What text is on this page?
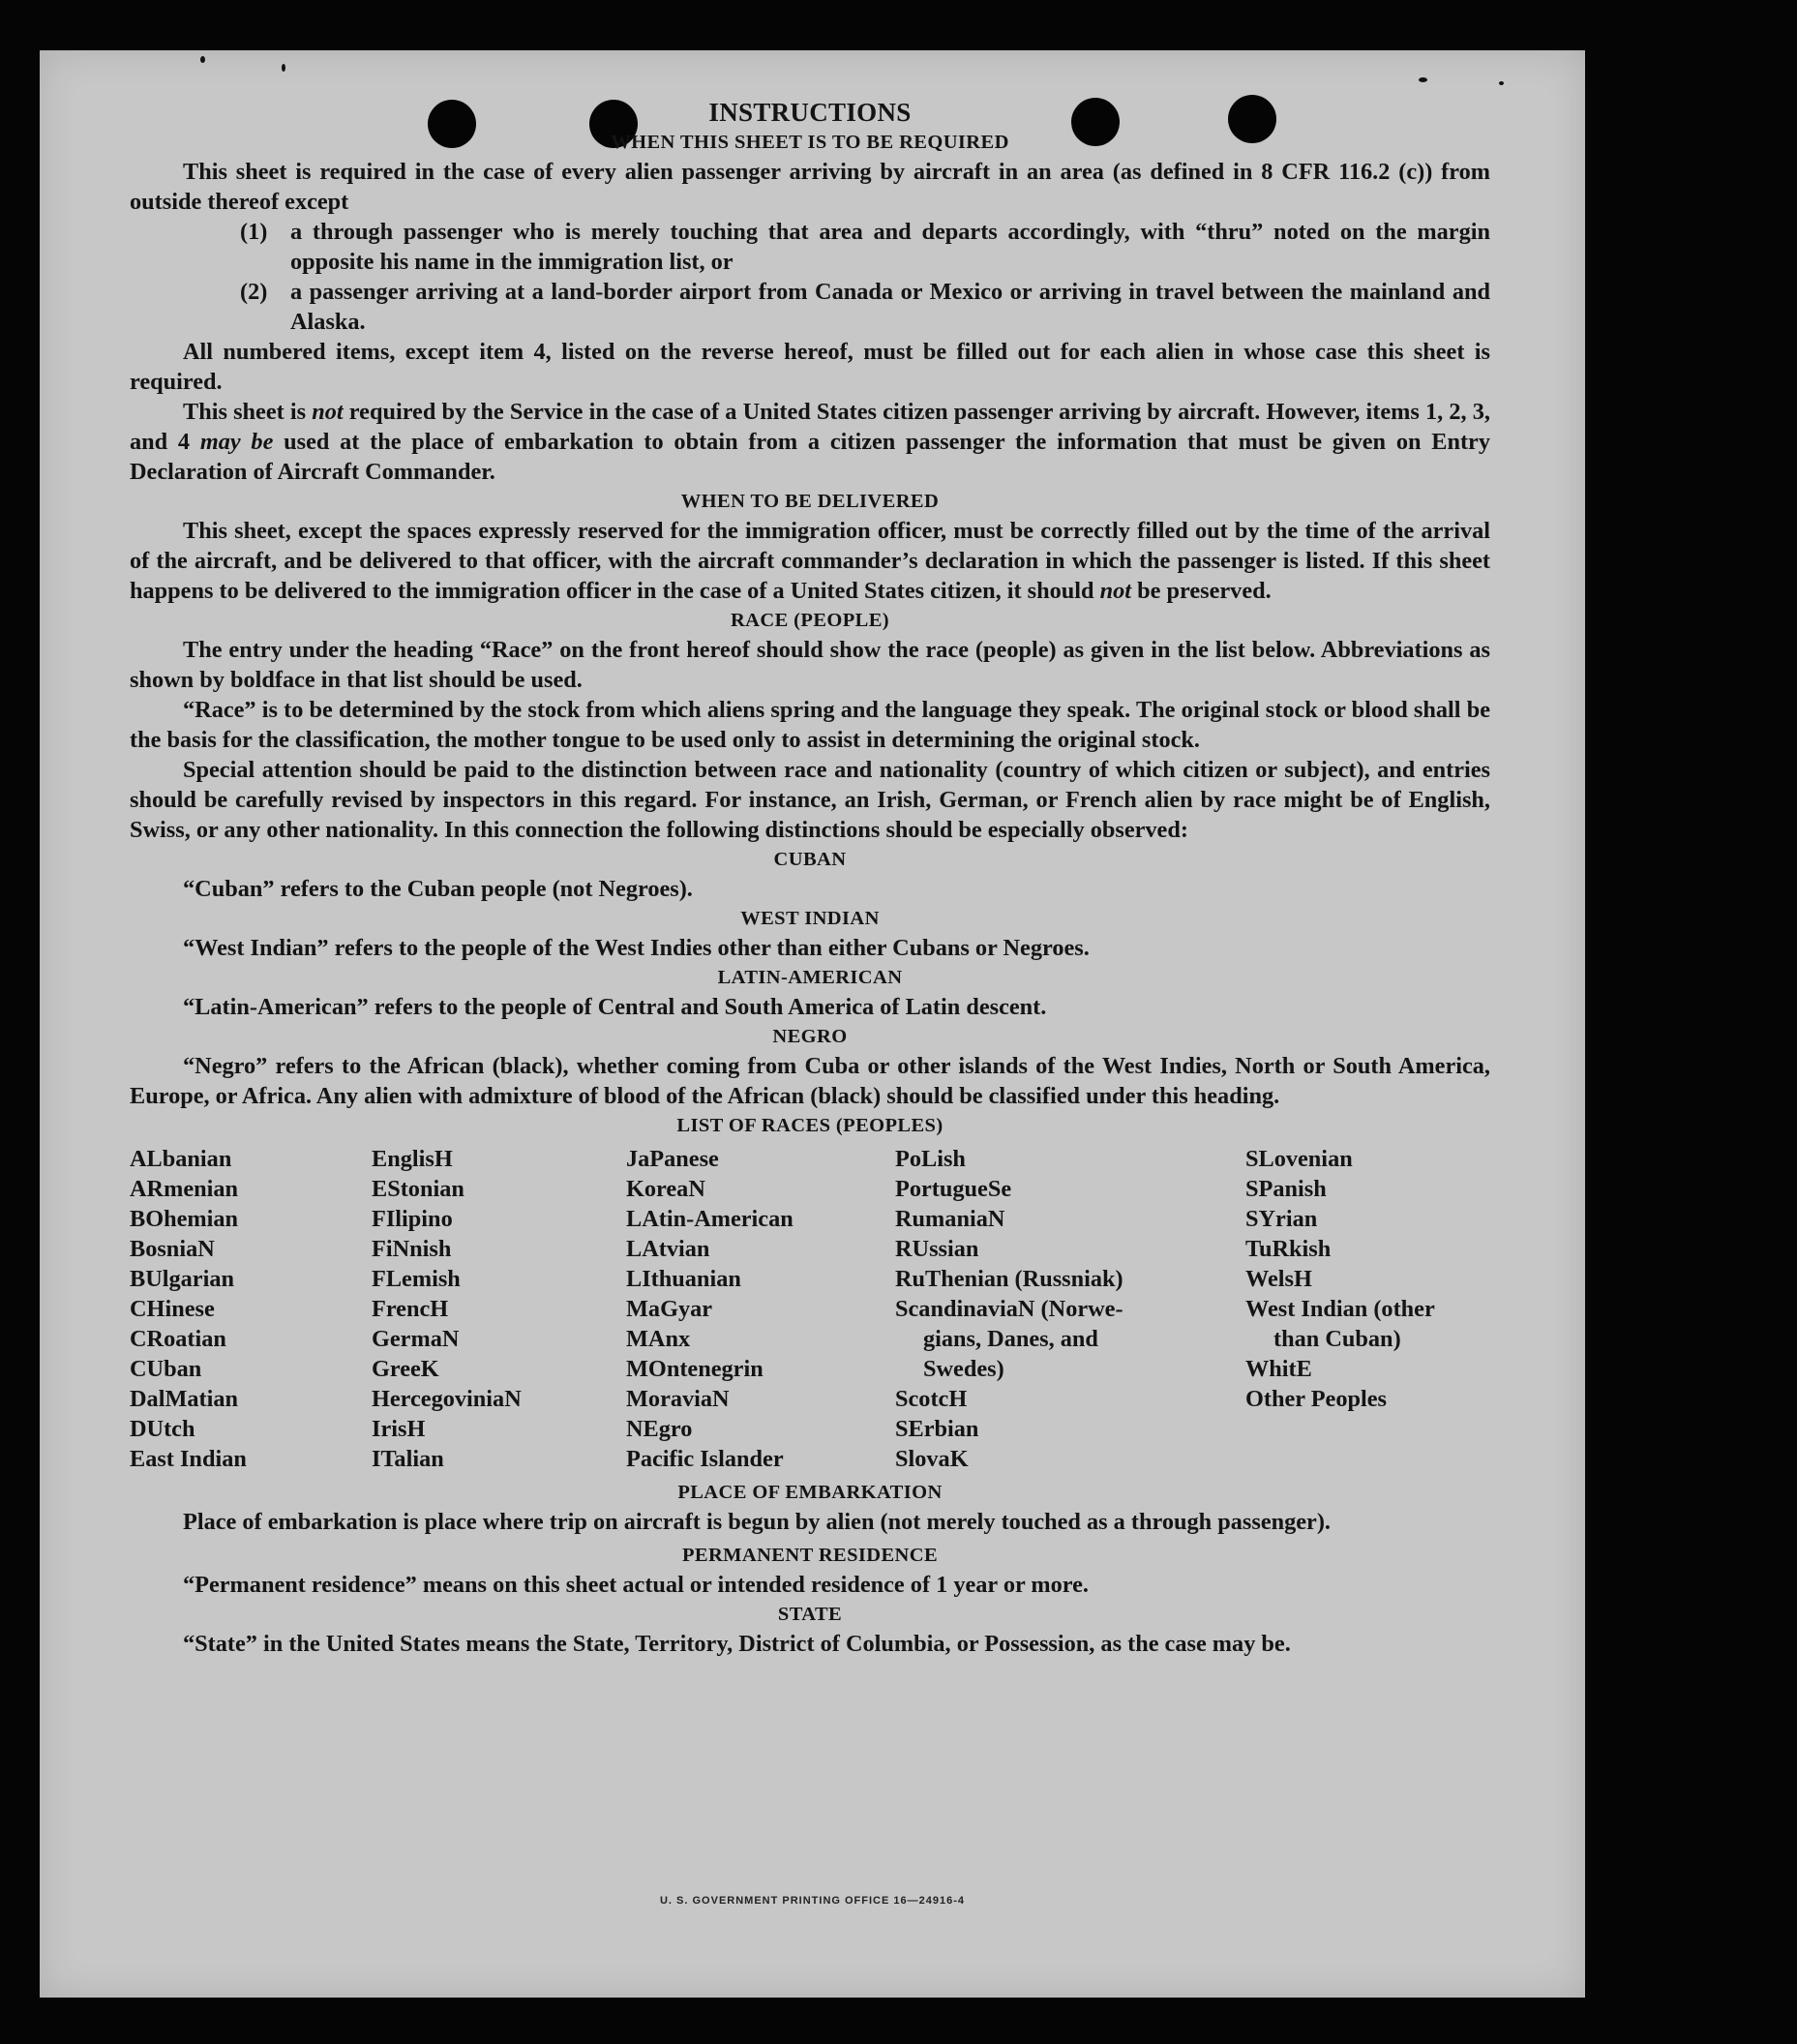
INSTRUCTIONS
WHEN THIS SHEET IS TO BE REQUIRED

This sheet is required in the case of every alien passenger arriving by aircraft in an area (as defined in 8 CFR 116.2 (c)) from outside thereof except

(1) a through passenger who is merely touching that area and departs accordingly, with “thru” noted on the margin opposite his name in the immigration list, or
(2) a passenger arriving at a land-border airport from Canada or Mexico or arriving in travel between the mainland and Alaska.

All numbered items, except item 4, listed on the reverse hereof, must be filled out for each alien in whose case this sheet is required.

This sheet is not required by the Service in the case of a United States citizen passenger arriving by aircraft. However, items 1, 2, 3, and 4 may be used at the place of embarkation to obtain from a citizen passenger the information that must be given on Entry Declaration of Aircraft Commander.

WHEN TO BE DELIVERED

This sheet, except the spaces expressly reserved for the immigration officer, must be correctly filled out by the time of the arrival of the aircraft, and be delivered to that officer, with the aircraft commander’s declaration in which the passenger is listed. If this sheet happens to be delivered to the immigration officer in the case of a United States citizen, it should not be preserved.

RACE (PEOPLE)

The entry under the heading “Race” on the front hereof should show the race (people) as given in the list below. Abbreviations as shown by boldface in that list should be used.

“Race” is to be determined by the stock from which aliens spring and the language they speak. The original stock or blood shall be the basis for the classification, the mother tongue to be used only to assist in determining the original stock.

Special attention should be paid to the distinction between race and nationality (country of which citizen or subject), and entries should be carefully revised by inspectors in this regard. For instance, an Irish, German, or French alien by race might be of English, Swiss, or any other nationality. In this connection the following distinctions should be especially observed:

CUBAN

“Cuban” refers to the Cuban people (not Negroes).

WEST INDIAN

“West Indian” refers to the people of the West Indies other than either Cubans or Negroes.

LATIN-AMERICAN

“Latin-American” refers to the people of Central and South America of Latin descent.

NEGRO

“Negro” refers to the African (black), whether coming from Cuba or other islands of the West Indies, North or South America, Europe, or Africa. Any alien with admixture of blood of the African (black) should be classified under this heading.

LIST OF RACES (PEOPLES)
ALbanian
ARmenian
BOhemian
BosniaN
BUlgarian
CHinese
CRoatian
CUban
DalMatian
DUtch
East Indian
EnglisH
EStonian
FIlipino
FiNnish
FLemish
FrencH
GermaN
GreeK
HercegoviniaN
IrisH
ITalian
JaPanese
KoreaN
LAtin-American
LAtvian
LIthuanian
MaGyar
MAnx
MOntenegrin
MoraviaN
NEgro
Pacific Islander
PoLish
PortugueSe
RumaniaN
RUssian
RuThenian (Russniak)
ScandinaviaN (Norwe-
gians, Danes, and
Swedes)
ScotcH
SErbian
SlovaK
SLovenian
SPanish
SYrian
TuRkish
WelsH
West Indian (other
than Cuban)
WhitE
Other Peoples
PLACE OF EMBARKATION

Place of embarkation is place where trip on aircraft is begun by alien (not merely touched as a through passenger).

PERMANENT RESIDENCE

“Permanent residence” means on this sheet actual or intended residence of 1 year or more.

STATE

“State” in the United States means the State, Territory, District of Columbia, or Possession, as the case may be.

U. S. GOVERNMENT PRINTING OFFICE 16—24916-4
